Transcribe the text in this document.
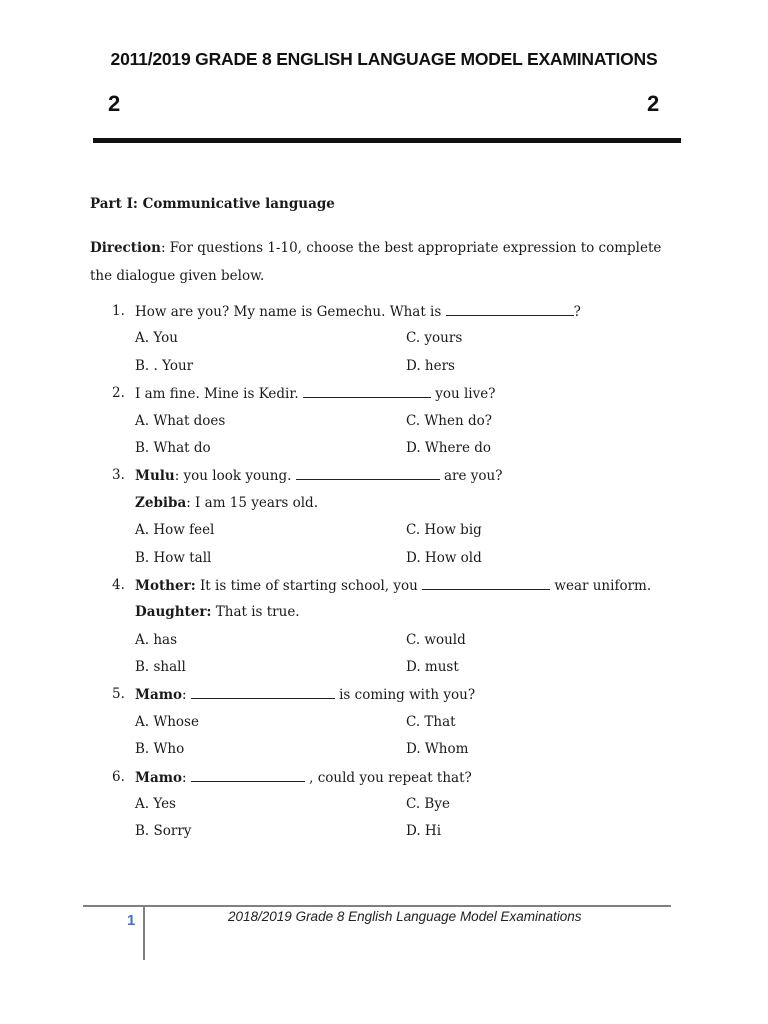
2011/2019 GRADE 8 ENGLISH LANGUAGE MODEL EXAMINATIONS
2	2
Part I: Communicative language
Direction: For questions 1-10, choose the best appropriate expression to complete the dialogue given below.
1. How are you? My name is Gemechu. What is	?
A. You	C. yours
B. . Your	D. hers
2. I am fine. Mine is Kedir.	you live?
A. What does	C. When do?
B. What do	D. Where do
3. Mulu: you look young.	are you?
Zebiba: I am 15 years old.
A. How feel	C. How big
B. How tall	D. How old
4. Mother: It is time of starting school, you	wear uniform.
Daughter: That is true.
A. has	C. would
B. shall	D. must
5. Mamo:	is coming with you?
A. Whose	C. That
B. Who	D. Whom
6. Mamo:	, could you repeat that?
A. Yes	C. Bye
B. Sorry	D. Hi
1	2018/2019 Grade 8 English Language Model Examinations
